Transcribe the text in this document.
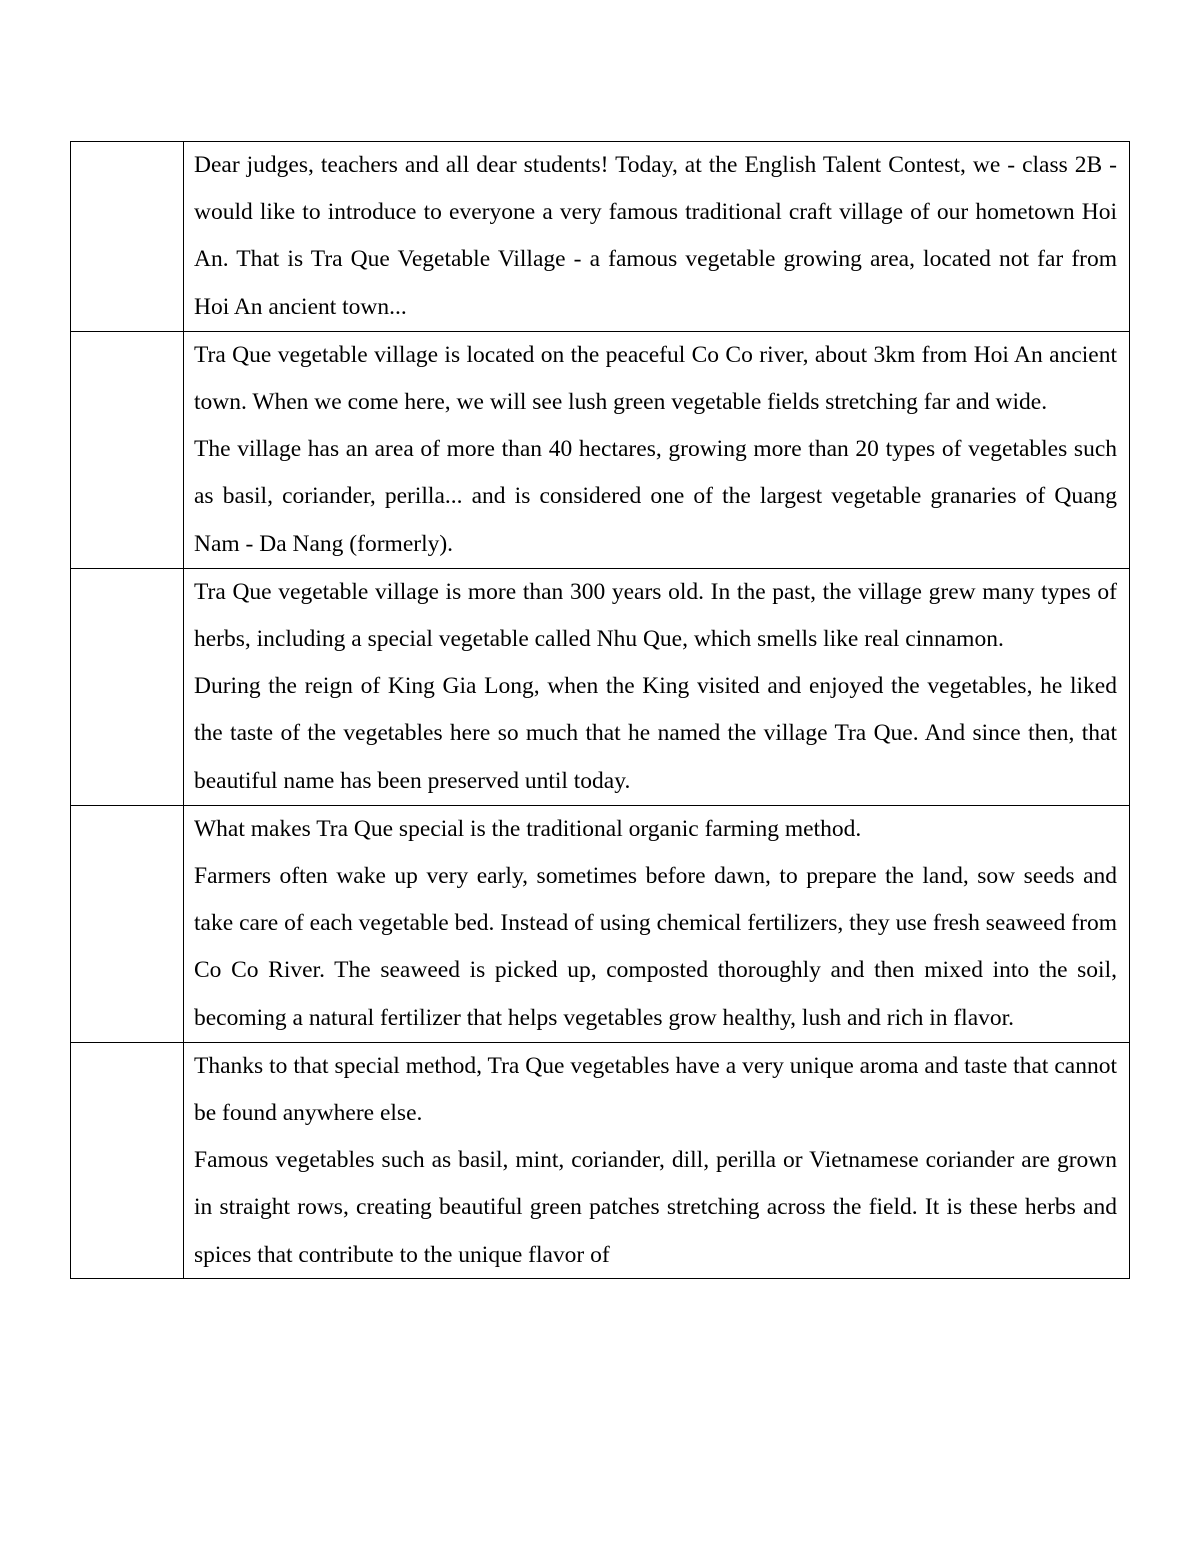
	Dear judges, teachers and all dear students! Today, at the English Talent Contest, we - class 2B - would like to introduce to everyone a very famous traditional craft village of our hometown Hoi An. That is Tra Que Vegetable Village - a famous vegetable growing area, located not far from Hoi An ancient town...

	Tra Que vegetable village is located on the peaceful Co Co river, about 3km from Hoi An ancient town. When we come here, we will see lush green vegetable fields stretching far and wide.

The village has an area of more than 40 hectares, growing more than 20 types of vegetables such as basil, coriander, perilla... and is considered one of the largest vegetable granaries of Quang Nam - Da Nang (formerly).

	Tra Que vegetable village is more than 300 years old. In the past, the village grew many types of herbs, including a special vegetable called Nhu Que, which smells like real cinnamon.

During the reign of King Gia Long, when the King visited and enjoyed the vegetables, he liked the taste of the vegetables here so much that he named the village Tra Que. And since then, that beautiful name has been preserved until today.

	What makes Tra Que special is the traditional organic farming method.

Farmers often wake up very early, sometimes before dawn, to prepare the land, sow seeds and take care of each vegetable bed. Instead of using chemical fertilizers, they use fresh seaweed from Co Co River. The seaweed is picked up, composted thoroughly and then mixed into the soil, becoming a natural fertilizer that helps vegetables grow healthy, lush and rich in flavor.

	Thanks to that special method, Tra Que vegetables have a very unique aroma and taste that cannot be found anywhere else.

Famous vegetables such as basil, mint, coriander, dill, perilla or Vietnamese coriander are grown in straight rows, creating beautiful green patches stretching across the field. It is these herbs and spices that contribute to the unique flavor of
